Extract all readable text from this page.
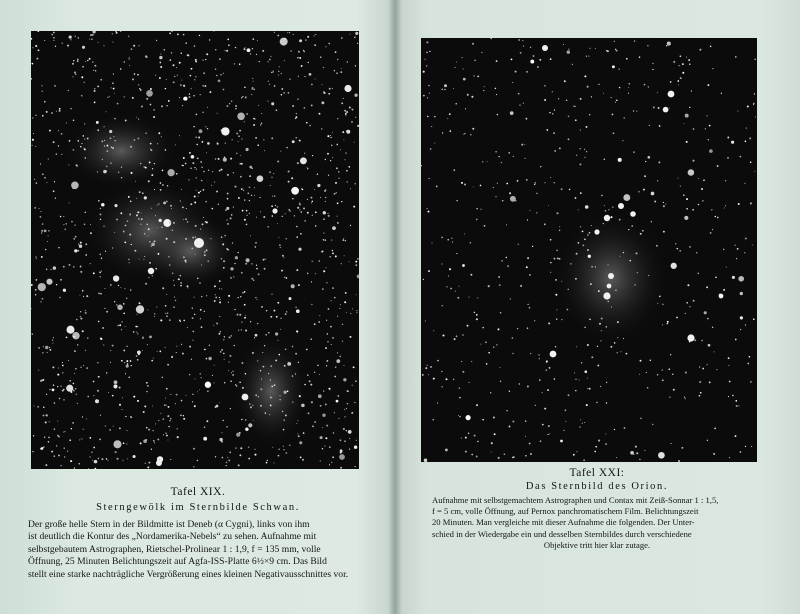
Tafel XIX.

Sterngewölk im Sternbilde Schwan.

Der große helle Stern in der Bildmitte ist Deneb (α Cygni), links von ihm
ist deutlich die Kontur des „Nordamerika-Nebels“ zu sehen. Aufnahme mit
selbstgebautem Astrographen, Rietschel-Prolinear 1 : 1,9, f = 135 mm, volle
Öffnung, 25 Minuten Belichtungszeit auf Agfa-ISS-Platte 6½×9 cm. Das Bild
stellt eine starke nachträgliche Vergrößerung eines kleinen Negativausschnittes vor.

Tafel XXI:

Das Sternbild des Orion.

Aufnahme mit selbstgemachtem Astrographen und Contax mit Zeiß-Sonnar 1 : 1,5,
f = 5 cm, volle Öffnung, auf Pernox panchromatischem Film. Belichtungszeit
20 Minuten. Man vergleiche mit dieser Aufnahme die folgenden. Der Unter-
schied in der Wiedergabe ein und desselben Sternbildes durch verschiedene
Objektive tritt hier klar zutage.
